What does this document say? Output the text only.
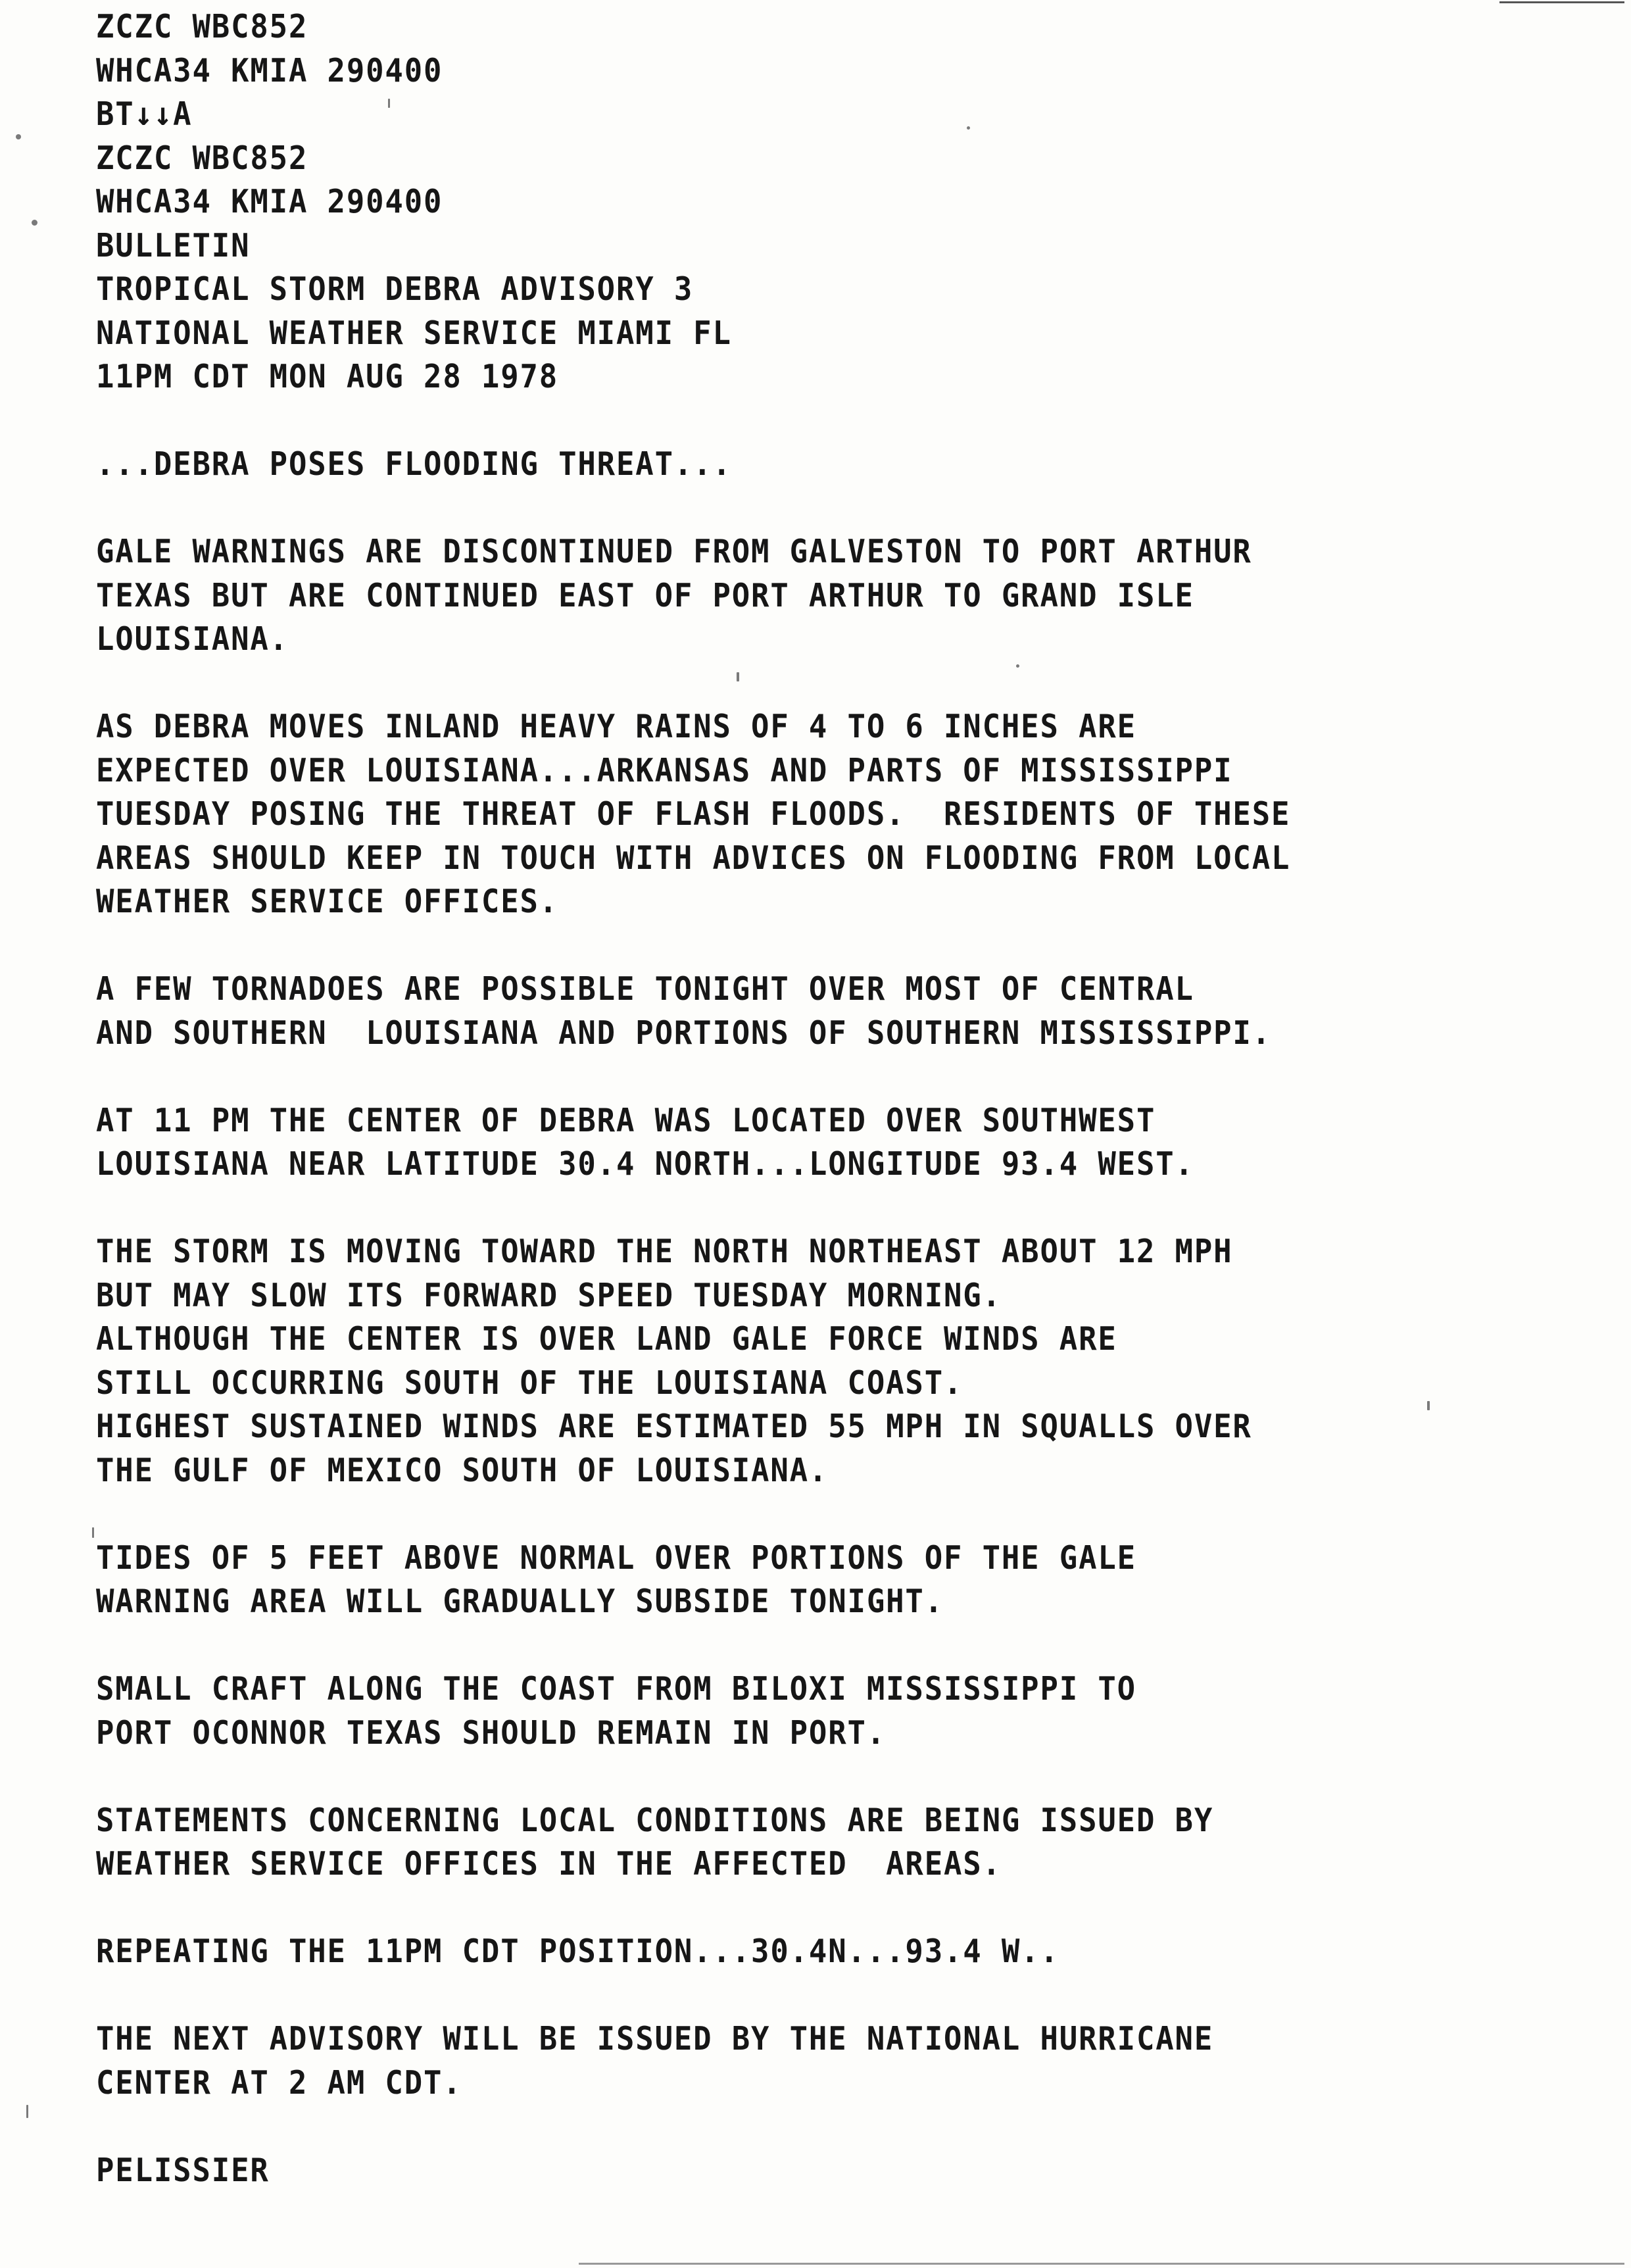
ZCZC WBC852
WHCA34 KMIA 290400
BT↓↓A
ZCZC WBC852
WHCA34 KMIA 290400
BULLETIN
TROPICAL STORM DEBRA ADVISORY 3
NATIONAL WEATHER SERVICE MIAMI FL
11PM CDT MON AUG 28 1978
...DEBRA POSES FLOODING THREAT...
GALE WARNINGS ARE DISCONTINUED FROM GALVESTON TO PORT ARTHUR
TEXAS BUT ARE CONTINUED EAST OF PORT ARTHUR TO GRAND ISLE
LOUISIANA.
AS DEBRA MOVES INLAND HEAVY RAINS OF 4 TO 6 INCHES ARE
EXPECTED OVER LOUISIANA...ARKANSAS AND PARTS OF MISSISSIPPI
TUESDAY POSING THE THREAT OF FLASH FLOODS.  RESIDENTS OF THESE
AREAS SHOULD KEEP IN TOUCH WITH ADVICES ON FLOODING FROM LOCAL
WEATHER SERVICE OFFICES.
A FEW TORNADOES ARE POSSIBLE TONIGHT OVER MOST OF CENTRAL
AND SOUTHERN  LOUISIANA AND PORTIONS OF SOUTHERN MISSISSIPPI.
AT 11 PM THE CENTER OF DEBRA WAS LOCATED OVER SOUTHWEST
LOUISIANA NEAR LATITUDE 30.4 NORTH...LONGITUDE 93.4 WEST.
THE STORM IS MOVING TOWARD THE NORTH NORTHEAST ABOUT 12 MPH
BUT MAY SLOW ITS FORWARD SPEED TUESDAY MORNING.
ALTHOUGH THE CENTER IS OVER LAND GALE FORCE WINDS ARE
STILL OCCURRING SOUTH OF THE LOUISIANA COAST.
HIGHEST SUSTAINED WINDS ARE ESTIMATED 55 MPH IN SQUALLS OVER
THE GULF OF MEXICO SOUTH OF LOUISIANA.
TIDES OF 5 FEET ABOVE NORMAL OVER PORTIONS OF THE GALE
WARNING AREA WILL GRADUALLY SUBSIDE TONIGHT.
SMALL CRAFT ALONG THE COAST FROM BILOXI MISSISSIPPI TO
PORT OCONNOR TEXAS SHOULD REMAIN IN PORT.
STATEMENTS CONCERNING LOCAL CONDITIONS ARE BEING ISSUED BY
WEATHER SERVICE OFFICES IN THE AFFECTED  AREAS.
REPEATING THE 11PM CDT POSITION...30.4N...93.4 W..
THE NEXT ADVISORY WILL BE ISSUED BY THE NATIONAL HURRICANE
CENTER AT 2 AM CDT.
PELISSIER
